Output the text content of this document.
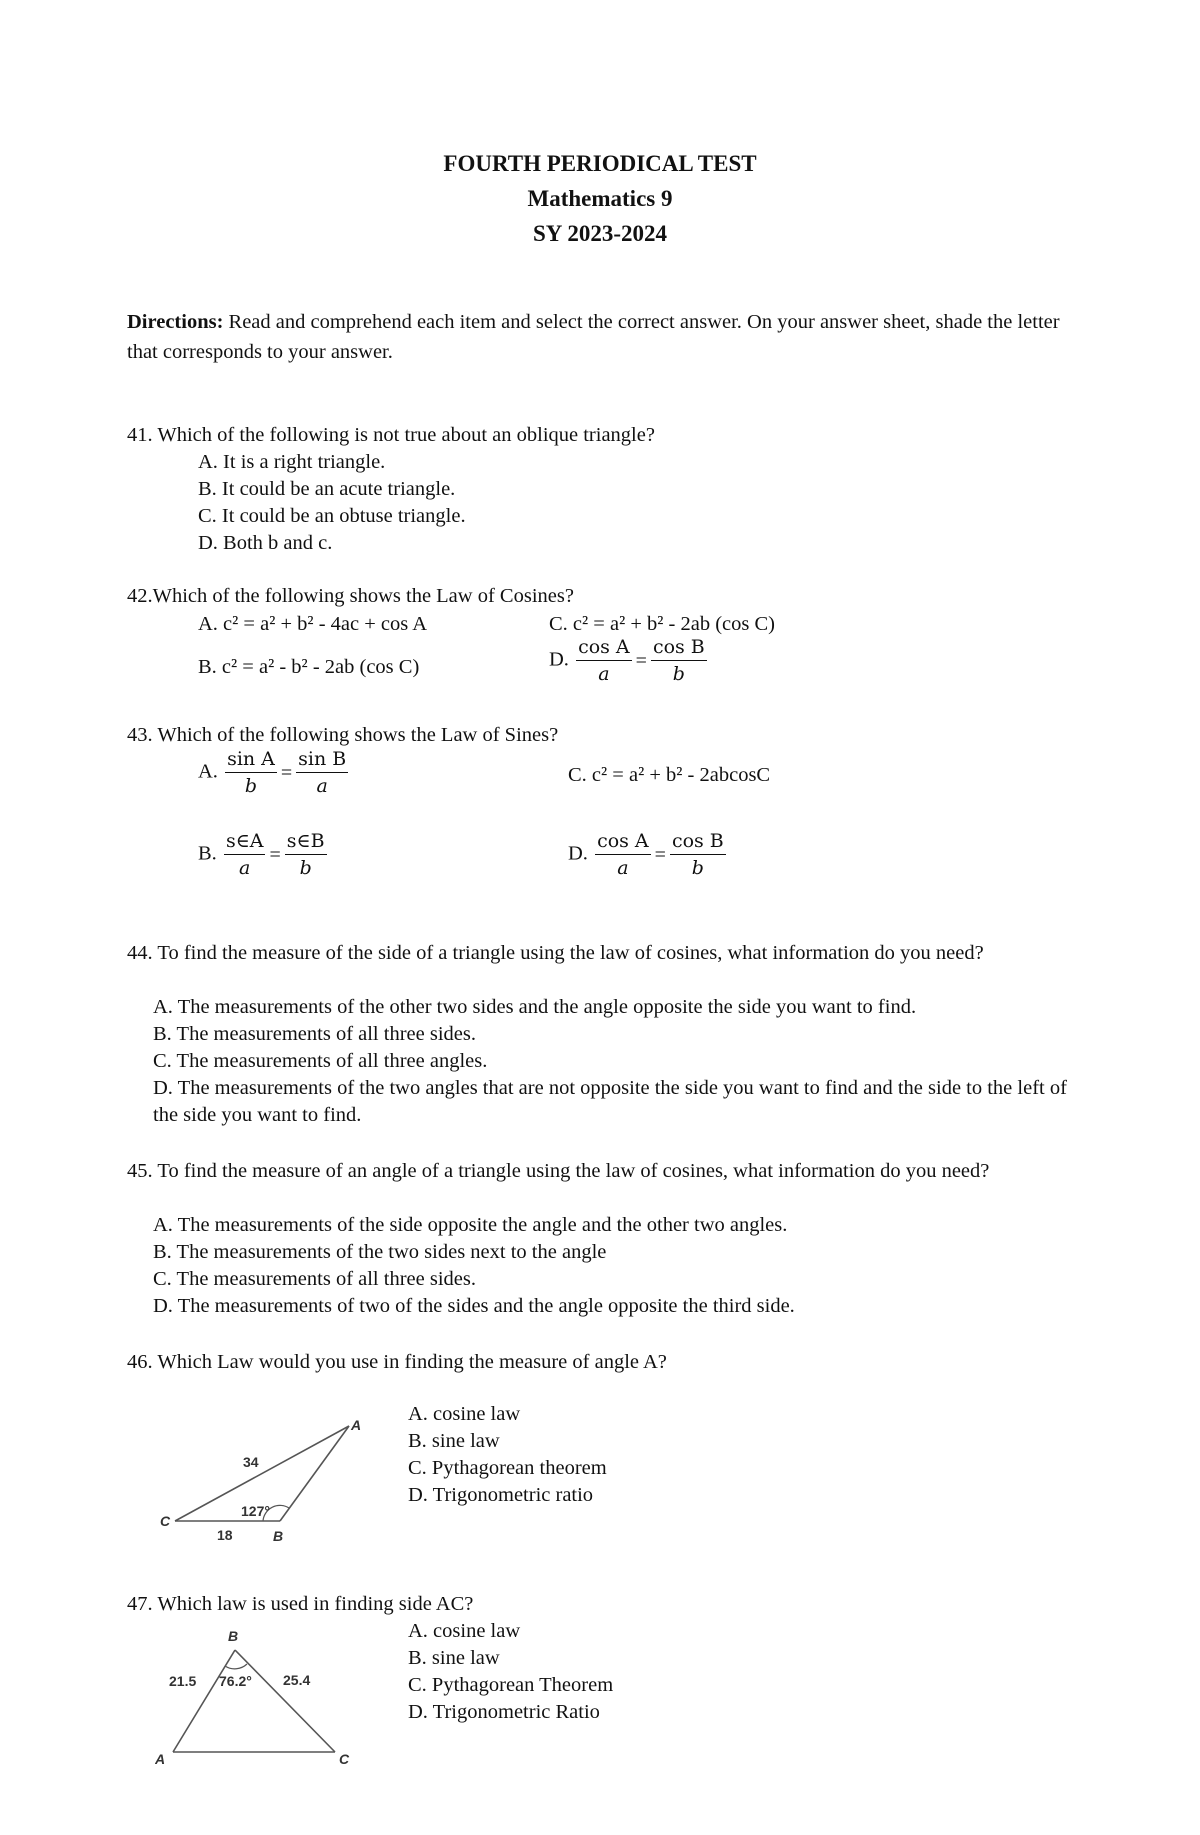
FOURTH PERIODICAL TEST
Mathematics 9
SY 2023-2024
Directions: Read and comprehend each item and select the correct answer. On your answer sheet, shade the letter that corresponds to your answer.
41. Which of the following is not true about an oblique triangle?
A. It is a right triangle.
B. It could be an acute triangle.
C. It could be an obtuse triangle.
D. Both b and c.
42.Which of the following shows the Law of Cosines?
A. c² = a² + b² - 4ac + cos A	C. c² = a² + b² - 2ab (cos C)
B. c² = a² - b² - 2ab (cos C)	D. $\frac{\text{cos A}}{a} = \frac{\text{cos B}}{b}$
43. Which of the following shows the Law of Sines?
A. $\frac{\text{sin A}}{b} = \frac{\text{sin B}}{a}$	C. c² = a² + b² - 2abcosC
B. $\frac{s\in A}{a} = \frac{s\in B}{b}$	D. $\frac{\text{cos A}}{a} = \frac{\text{cos B}}{b}$
44. To find the measure of the side of a triangle using the law of cosines, what information do you need?
A. The measurements of the other two sides and the angle opposite the side you want to find.
B. The measurements of all three sides.
C. The measurements of all three angles.
D. The measurements of the two angles that are not opposite the side you want to find and the side to the left of the side you want to find.
45. To find the measure of an angle of a triangle using the law of cosines, what information do you need?
A. The measurements of the side opposite the angle and the other two angles.
B. The measurements of the two sides next to the angle
C. The measurements of all three sides.
D. The measurements of two of the sides and the angle opposite the third side.
46. Which Law would you use in finding the measure of angle A?
A
B
C
34
18
127°
A. cosine law
B. sine law
C. Pythagorean theorem
D. Trigonometric ratio
47. Which law is used in finding side AC?
B
A	C
21.5	25.4
76.2°
A. cosine law
B. sine law
C. Pythagorean Theorem
D. Trigonometric Ratio
